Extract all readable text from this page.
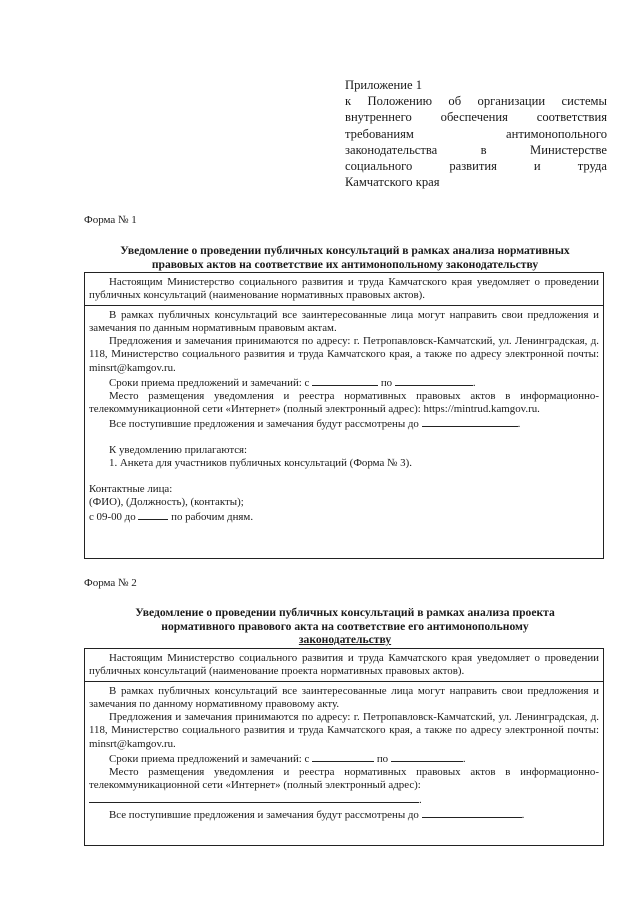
Приложение 1
к Положению об организации системы
внутреннего обеспечения соответствия
требованиям антимонопольного
законодательства в Министерстве
социального развития и труда
Камчатского края
Форма № 1
Уведомление о проведении публичных консультаций в рамках анализа нормативных
правовых актов на соответствие их антимонопольному законодательству

Настоящим Министерство социального развития и труда Камчатского края уведомляет о проведении публичных консультаций (наименование нормативных правовых актов).

В рамках публичных консультаций все заинтересованные лица могут направить свои предложения и замечания по данным нормативным правовым актам.

Предложения и замечания принимаются по адресу: г. Петропавловск-Камчатский, ул. Ленинградская, д. 118, Министерство социального развития и труда Камчатского края, а также по адресу электронной почты: minsrt@kamgov.ru.

Сроки приема предложений и замечаний: с	по	.

Место размещения уведомления и реестра нормативных правовых актов в информационно-телекоммуникационной сети «Интернет» (полный электронный адрес): https://mintrud.kamgov.ru.

Все поступившие предложения и замечания будут рассмотрены до	.

К уведомлению прилагаются:

1. Анкета для участников публичных консультаций (Форма № 3).

Контактные лица:

(ФИО), (Должность), (контакты);

с 09-00 до	по рабочим дням.

Форма № 2
Уведомление о проведении публичных консультаций в рамках анализа проекта
нормативного правового акта на соответствие его антимонопольному
законодательству

Настоящим Министерство социального развития и труда Камчатского края уведомляет о проведении публичных консультаций (наименование проекта нормативных правовых актов).

В рамках публичных консультаций все заинтересованные лица могут направить свои предложения и замечания по данному нормативному правовому акту.

Предложения и замечания принимаются по адресу: г. Петропавловск-Камчатский, ул. Ленинградская, д. 118, Министерство социального развития и труда Камчатского края, а также по адресу электронной почты: minsrt@kamgov.ru.

Сроки приема предложений и замечаний: с	по	.

Место размещения уведомления и реестра нормативных правовых актов в информационно-телекоммуникационной сети «Интернет» (полный электронный адрес):

.

Все поступившие предложения и замечания будут рассмотрены до	.
